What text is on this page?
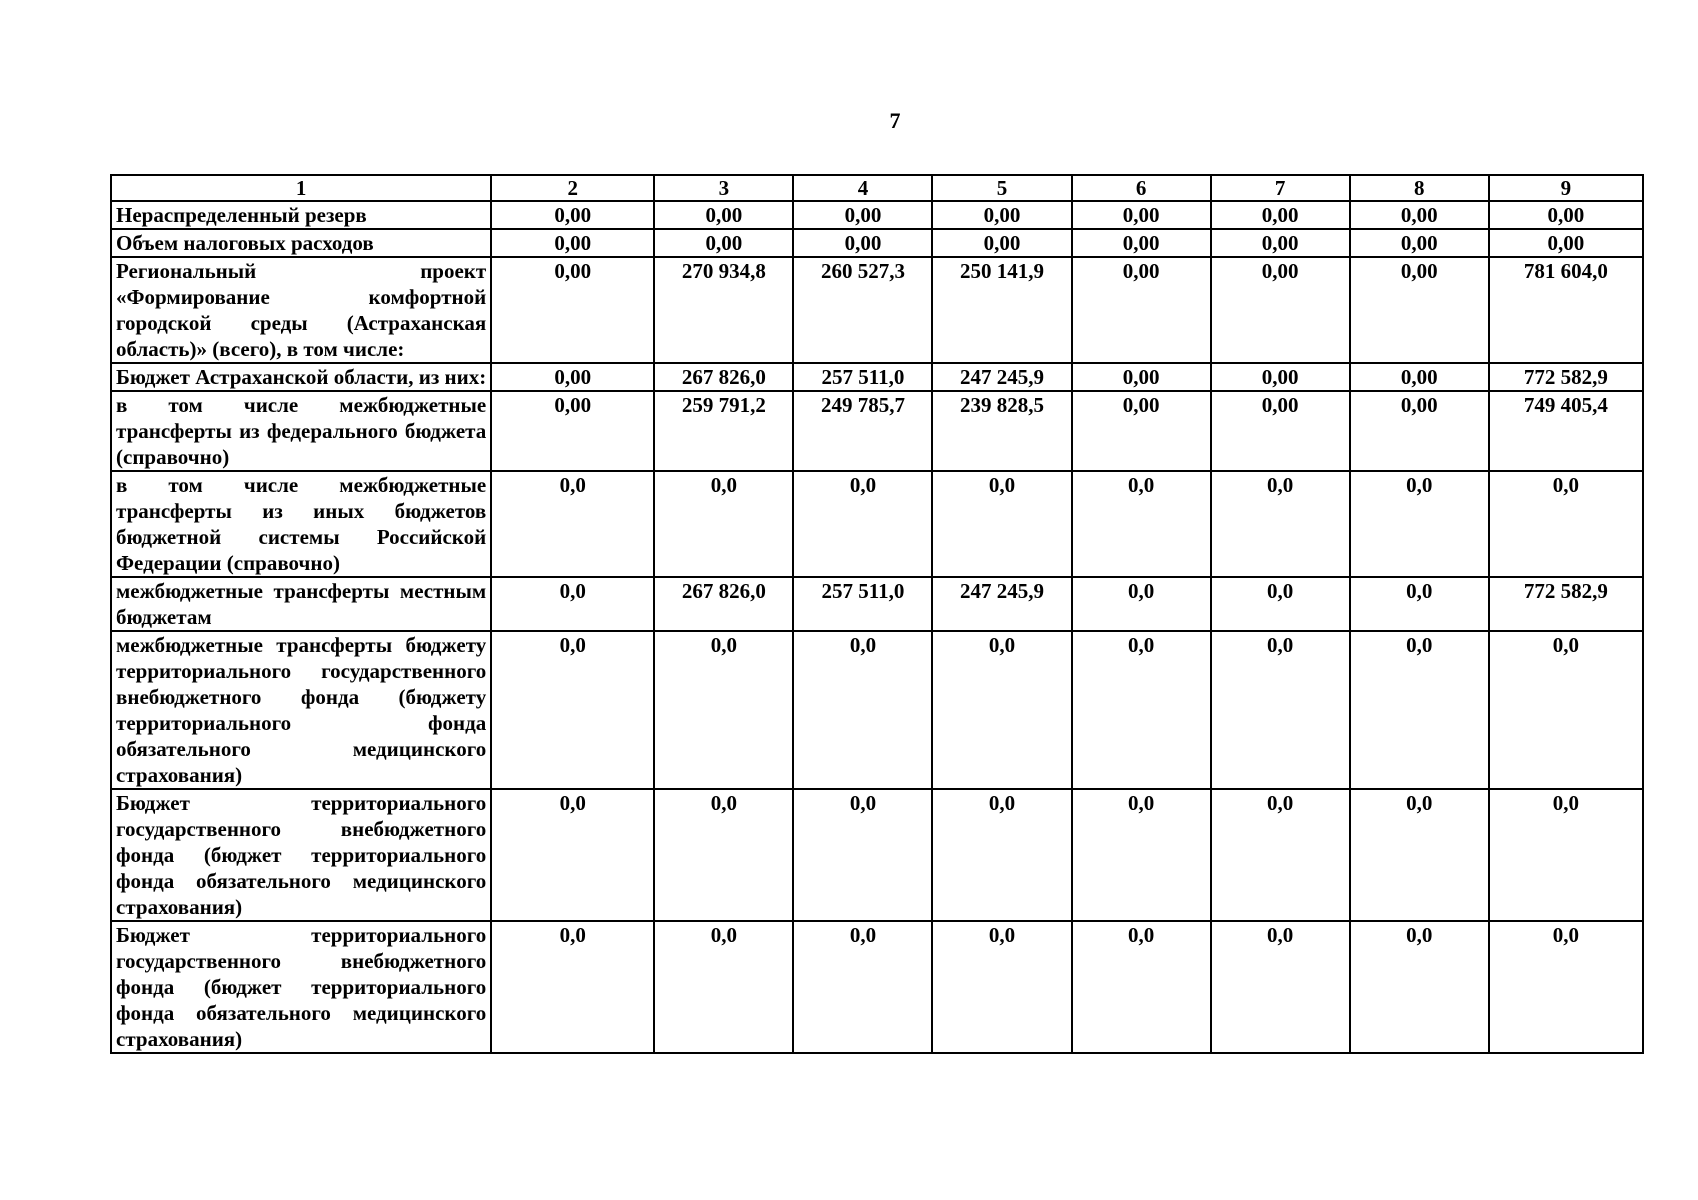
7
1	2	3	4	5	6	7	8	9
Нераспределенный резерв	0,00	0,00	0,00	0,00	0,00	0,00	0,00	0,00
Объем налоговых расходов	0,00	0,00	0,00	0,00	0,00	0,00	0,00	0,00
Региональный проект «Формирование комфортной городской среды (Астраханская область)» (всего), в том числе:	0,00	270 934,8	260 527,3	250 141,9	0,00	0,00	0,00	781 604,0
Бюджет Астраханской области, из них:	0,00	267 826,0	257 511,0	247 245,9	0,00	0,00	0,00	772 582,9
в том числе межбюджетные трансферты из федерального бюджета (справочно)	0,00	259 791,2	249 785,7	239 828,5	0,00	0,00	0,00	749 405,4
в том числе межбюджетные трансферты из иных бюджетов бюджетной системы Российской Федерации (справочно)	0,0	0,0	0,0	0,0	0,0	0,0	0,0	0,0
межбюджетные трансферты местным бюджетам	0,0	267 826,0	257 511,0	247 245,9	0,0	0,0	0,0	772 582,9
межбюджетные трансферты бюджету территориального государственного внебюджетного фонда (бюджету территориального фонда обязательного медицинского страхования)	0,0	0,0	0,0	0,0	0,0	0,0	0,0	0,0
Бюджет территориального государственного внебюджетного фонда (бюджет территориального фонда обязательного медицинского страхования)	0,0	0,0	0,0	0,0	0,0	0,0	0,0	0,0
Бюджет территориального государственного внебюджетного фонда (бюджет территориального фонда обязательного медицинского страхования)	0,0	0,0	0,0	0,0	0,0	0,0	0,0	0,0
